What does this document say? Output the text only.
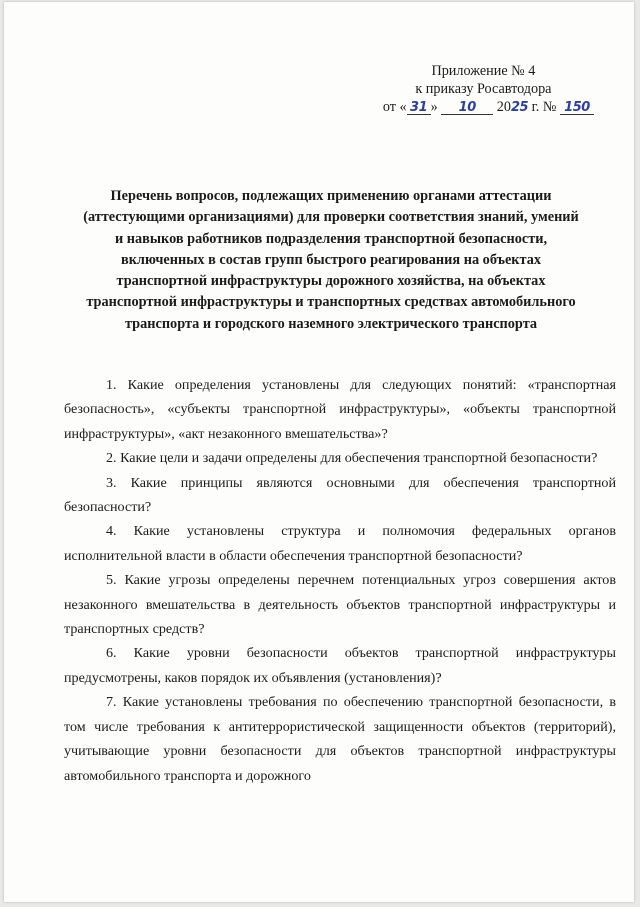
Приложение № 4
к приказу Росавтодора
от « 31 » 10 2025 г. № 150
Перечень вопросов, подлежащих применению органами аттестации
(аттестующими организациями) для проверки соответствия знаний, умений
и навыков работников подразделения транспортной безопасности,
включенных в состав групп быстрого реагирования на объектах
транспортной инфраструктуры дорожного хозяйства, на объектах
транспортной инфраструктуры и транспортных средствах автомобильного
транспорта и городского наземного электрического транспорта

1. Какие определения установлены для следующих понятий: «транспортная безопасность», «субъекты транспортной инфраструктуры», «объекты транспортной инфраструктуры», «акт незаконного вмешательства»?

2. Какие цели и задачи определены для обеспечения транспортной безопасности?

3. Какие принципы являются основными для обеспечения транспортной безопасности?

4. Какие установлены структура и полномочия федеральных органов исполнительной власти в области обеспечения транспортной безопасности?

5. Какие угрозы определены перечнем потенциальных угроз совершения актов незаконного вмешательства в деятельность объектов транспортной инфраструктуры и транспортных средств?

6. Какие уровни безопасности объектов транспортной инфраструктуры предусмотрены, каков порядок их объявления (установления)?

7. Какие установлены требования по обеспечению транспортной безопасности, в том числе требования к антитеррористической защищенности объектов (территорий), учитывающие уровни безопасности для объектов транспортной инфраструктуры автомобильного транспорта и дорожного
